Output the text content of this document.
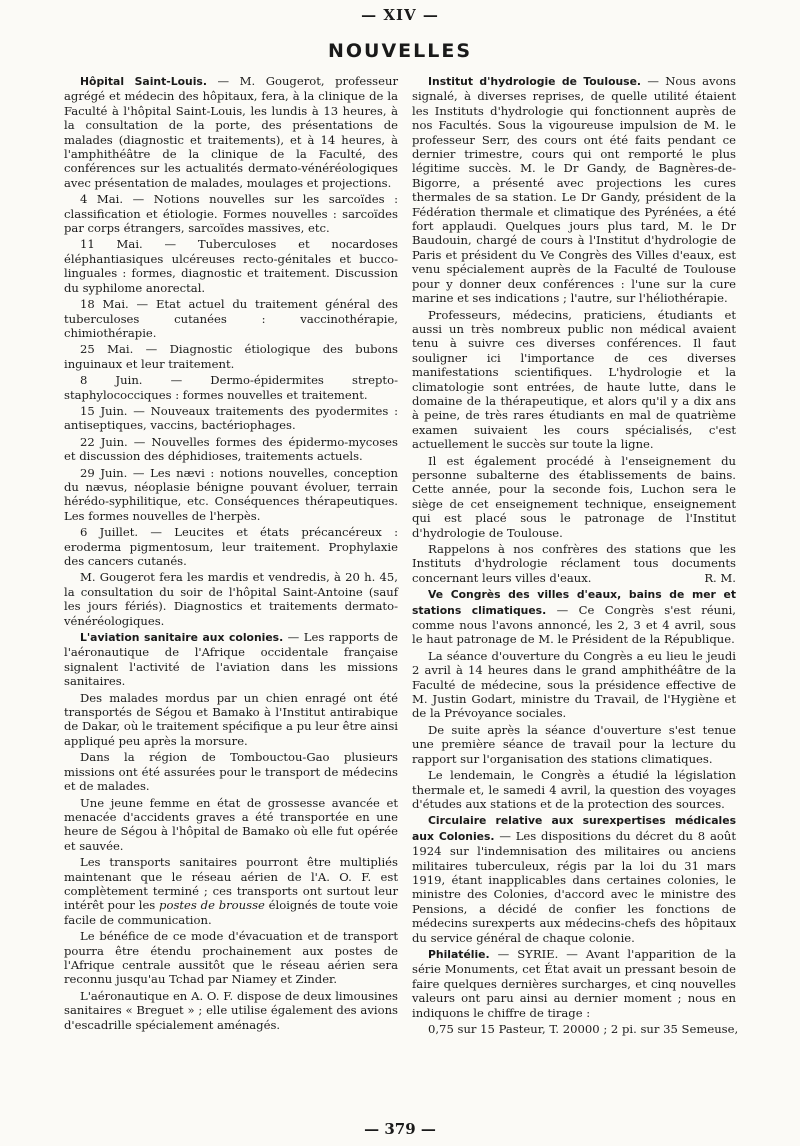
— XIV —
NOUVELLES

Hôpital Saint-Louis. — M. Gougerot, professeur agrégé et médecin des hôpitaux, fera, à la clinique de la Faculté à l'hôpital Saint-Louis, les lundis à 13 heures, à la consultation de la porte, des présentations de malades (diagnostic et traitements), et à 14 heures, à l'amphithéâtre de la clinique de la Faculté, des conférences sur les actualités dermato-vénéréologiques avec présentation de malades, moulages et projections.

4 Mai. — Notions nouvelles sur les sarcoïdes : classification et étiologie. Formes nouvelles : sarcoïdes par corps étrangers, sarcoïdes massives, etc.

11 Mai. — Tuberculoses et nocardoses éléphantiasiques ulcéreuses recto-génitales et bucco-linguales : formes, diagnostic et traitement. Discussion du syphilome anorectal.

18 Mai. — Etat actuel du traitement général des tuberculoses cutanées : vaccinothérapie, chimiothérapie.

25 Mai. — Diagnostic étiologique des bubons inguinaux et leur traitement.

8 Juin. — Dermo-épidermites strepto-staphylococciques : formes nouvelles et traitement.

15 Juin. — Nouveaux traitements des pyodermites : antiseptiques, vaccins, bactériophages.

22 Juin. — Nouvelles formes des épidermo-mycoses et discussion des déphidioses, traitements actuels.

29 Juin. — Les nævi : notions nouvelles, conception du nævus, néoplasie bénigne pouvant évoluer, terrain hérédo-syphilitique, etc. Conséquences thérapeutiques. Les formes nouvelles de l'herpès.

6 Juillet. — Leucites et états précancéreux : eroderma pigmentosum, leur traitement. Prophylaxie des cancers cutanés.

M. Gougerot fera les mardis et vendredis, à 20 h. 45, la consultation du soir de l'hôpital Saint-Antoine (sauf les jours fériés). Diagnostics et traitements dermato-vénéréologiques.

L'aviation sanitaire aux colonies. — Les rapports de l'aéronautique de l'Afrique occidentale française signalent l'activité de l'aviation dans les missions sanitaires.

Des malades mordus par un chien enragé ont été transportés de Ségou et Bamako à l'Institut antirabique de Dakar, où le traitement spécifique a pu leur être ainsi appliqué peu après la morsure.

Dans la région de Tombouctou-Gao plusieurs missions ont été assurées pour le transport de médecins et de malades.

Une jeune femme en état de grossesse avancée et menacée d'accidents graves a été transportée en une heure de Ségou à l'hôpital de Bamako où elle fut opérée et sauvée.

Les transports sanitaires pourront être multipliés maintenant que le réseau aérien de l'A. O. F. est complètement terminé ; ces transports ont surtout leur intérêt pour les postes de brousse éloignés de toute voie facile de communication.

Le bénéfice de ce mode d'évacuation et de transport pourra être étendu prochainement aux postes de l'Afrique centrale aussitôt que le réseau aérien sera reconnu jusqu'au Tchad par Niamey et Zinder.

L'aéronautique en A. O. F. dispose de deux limousines sanitaires « Breguet » ; elle utilise également des avions d'escadrille spécialement aménagés.

Institut d'hydrologie de Toulouse. — Nous avons signalé, à diverses reprises, de quelle utilité étaient les Instituts d'hydrologie qui fonctionnent auprès de nos Facultés. Sous la vigoureuse impulsion de M. le professeur Serr, des cours ont été faits pendant ce dernier trimestre, cours qui ont remporté le plus légitime succès. M. le Dr Gandy, de Bagnères-de-Bigorre, a présenté avec projections les cures thermales de sa station. Le Dr Gandy, président de la Fédération thermale et climatique des Pyrénées, a été fort applaudi. Quelques jours plus tard, M. le Dr Baudouin, chargé de cours à l'Institut d'hydrologie de Paris et président du Ve Congrès des Villes d'eaux, est venu spécialement auprès de la Faculté de Toulouse pour y donner deux conférences : l'une sur la cure marine et ses indications ; l'autre, sur l'héliothérapie.

Professeurs, médecins, praticiens, étudiants et aussi un très nombreux public non médical avaient tenu à suivre ces diverses conférences. Il faut souligner ici l'importance de ces diverses manifestations scientifiques. L'hydrologie et la climatologie sont entrées, de haute lutte, dans le domaine de la thérapeutique, et alors qu'il y a dix ans à peine, de très rares étudiants en mal de quatrième examen suivaient les cours spécialisés, c'est actuellement le succès sur toute la ligne.

Il est également procédé à l'enseignement du personne subalterne des établissements de bains. Cette année, pour la seconde fois, Luchon sera le siège de cet enseignement technique, enseignement qui est placé sous le patronage de l'Institut d'hydrologie de Toulouse.

Rappelons à nos confrères des stations que les Instituts d'hydrologie réclament tous documents concernant leurs villes d'eaux.	R. M.

Ve Congrès des villes d'eaux, bains de mer et stations climatiques. — Ce Congrès s'est réuni, comme nous l'avons annoncé, les 2, 3 et 4 avril, sous le haut patronage de M. le Président de la République.

La séance d'ouverture du Congrès a eu lieu le jeudi 2 avril à 14 heures dans le grand amphithéâtre de la Faculté de médecine, sous la présidence effective de M. Justin Godart, ministre du Travail, de l'Hygiène et de la Prévoyance sociales.

De suite après la séance d'ouverture s'est tenue une première séance de travail pour la lecture du rapport sur l'organisation des stations climatiques.

Le lendemain, le Congrès a étudié la législation thermale et, le samedi 4 avril, la question des voyages d'études aux stations et de la protection des sources.

Circulaire relative aux surexpertises médicales aux Colonies. — Les dispositions du décret du 8 août 1924 sur l'indemnisation des militaires ou anciens militaires tuberculeux, régis par la loi du 31 mars 1919, étant inapplicables dans certaines colonies, le ministre des Colonies, d'accord avec le ministre des Pensions, a décidé de confier les fonctions de médecins surexperts aux médecins-chefs des hôpitaux du service général de chaque colonie.

Philatélie. — SYRIE. — Avant l'apparition de la série Monuments, cet État avait un pressant besoin de faire quelques dernières surcharges, et cinq nouvelles valeurs ont paru ainsi au dernier moment ; nous en indiquons le chiffre de tirage :

0,75 sur 15 Pasteur, T. 20000 ; 2 pi. sur 35 Semeuse,

— 379 —
